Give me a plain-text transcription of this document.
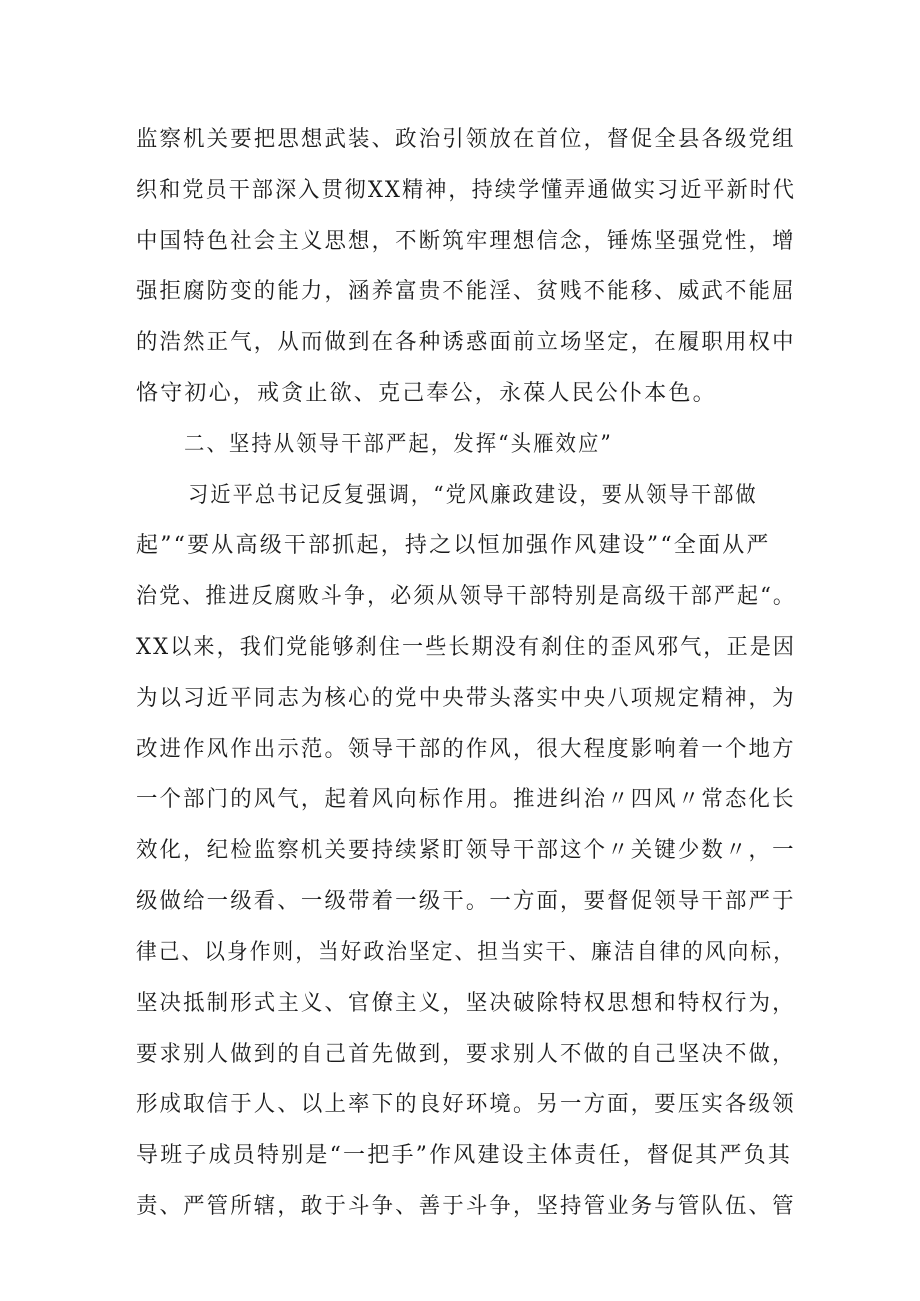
监察机关要把思想武装、政治引领放在首位，督促全县各级党组
织和党员干部深入贯彻XX精神，持续学懂弄通做实习近平新时代
中国特色社会主义思想，不断筑牢理想信念，锤炼坚强党性，增
强拒腐防变的能力，涵养富贵不能淫、贫贱不能移、威武不能屈
的浩然正气，从而做到在各种诱惑面前立场坚定，在履职用权中
恪守初心，戒贪止欲、克己奉公，永葆人民公仆本色。
二、坚持从领导干部严起，发挥“头雁效应”
习近平总书记反复强调，“党风廉政建设，要从领导干部做
起”“要从高级干部抓起，持之以恒加强作风建设”“全面从严
治党、推进反腐败斗争，必须从领导干部特别是高级干部严起“。
XX以来，我们党能够刹住一些长期没有刹住的歪风邪气，正是因
为以习近平同志为核心的党中央带头落实中央八项规定精神，为
改进作风作出示范。领导干部的作风，很大程度影响着一个地方
一个部门的风气，起着风向标作用。推进纠治〃四风〃常态化长
效化，纪检监察机关要持续紧盯领导干部这个〃关键少数〃，一
级做给一级看、一级带着一级干。一方面，要督促领导干部严于
律己、以身作则，当好政治坚定、担当实干、廉洁自律的风向标，
坚决抵制形式主义、官僚主义，坚决破除特权思想和特权行为，
要求别人做到的自己首先做到，要求别人不做的自己坚决不做，
形成取信于人、以上率下的良好环境。另一方面，要压实各级领
导班子成员特别是“一把手”作风建设主体责任，督促其严负其
责、严管所辖，敢于斗争、善于斗争，坚持管业务与管队伍、管
